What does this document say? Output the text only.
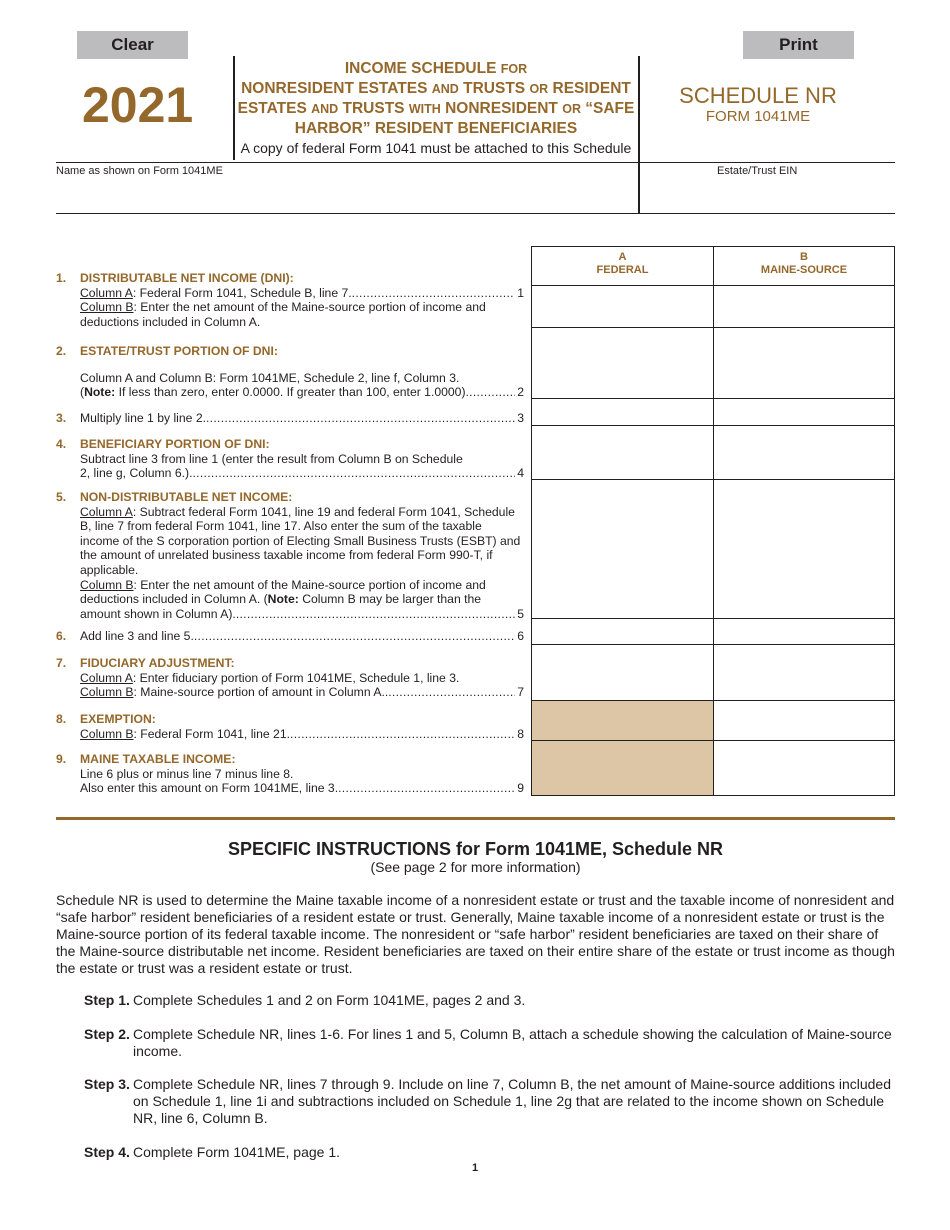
Clear	Print
2021
INCOME SCHEDULE FOR
NONRESIDENT ESTATES AND TRUSTS OR RESIDENT
ESTATES AND TRUSTS WITH NONRESIDENT OR “SAFE
HARBOR” RESIDENT BENEFICIARIES
A copy of federal Form 1041 must be attached to this Schedule
SCHEDULE NR
FORM 1041ME
Name as shown on Form 1041ME	Estate/Trust EIN
A
FEDERAL
B
MAINE-SOURCE
1. DISTRIBUTABLE NET INCOME (DNI):
Column A: Federal Form 1041, Schedule B, line 7. .....	1
Column B: Enter the net amount of the Maine-source portion of income and deductions included in Column A.
2. ESTATE/TRUST PORTION OF DNI:
Column A and Column B: Form 1041ME, Schedule 2, line f, Column 3.
(Note: If less than zero, enter 0.0000. If greater than 100, enter 1.0000) .....	2
3. Multiply line 1 by line 2. .....	3
4. BENEFICIARY PORTION OF DNI:
Subtract line 3 from line 1 (enter the result from Column B on Schedule
2, line g, Column 6.). .....	4
5. NON-DISTRIBUTABLE NET INCOME:
Column A: Subtract federal Form 1041, line 19 and federal Form 1041, Schedule B, line 7 from federal Form 1041, line 17. Also enter the sum of the taxable income of the S corporation portion of Electing Small Business Trusts (ESBT) and the amount of unrelated business taxable income from federal Form 990-T, if applicable.
Column B: Enter the net amount of the Maine-source portion of income and deductions included in Column A. (Note: Column B may be larger than the
amount shown in Column A). .....	5
6. Add line 3 and line 5. .....	6
7. FIDUCIARY ADJUSTMENT:
Column A: Enter fiduciary portion of Form 1041ME, Schedule 1, line 3.
Column B: Maine-source portion of amount in Column A.. .....	7
8. EXEMPTION:
Column B: Federal Form 1041, line 21. .....	8
9. MAINE TAXABLE INCOME:
Line 6 plus or minus line 7 minus line 8.
Also enter this amount on Form 1041ME, line 3. .....	9
SPECIFIC INSTRUCTIONS for Form 1041ME, Schedule NR
(See page 2 for more information)
Schedule NR is used to determine the Maine taxable income of a nonresident estate or trust and the taxable income of nonresident and “safe harbor” resident beneficiaries of a resident estate or trust. Generally, Maine taxable income of a nonresident estate or trust is the Maine-source portion of its federal taxable income. The nonresident or “safe harbor” resident beneficiaries are taxed on their share of the Maine-source distributable net income. Resident beneficiaries are taxed on their entire share of the estate or trust income as though the estate or trust was a resident estate or trust.
Step 1. Complete Schedules 1 and 2 on Form 1041ME, pages 2 and 3.
Step 2. Complete Schedule NR, lines 1-6. For lines 1 and 5, Column B, attach a schedule showing the calculation of Maine-source income.
Step 3. Complete Schedule NR, lines 7 through 9. Include on line 7, Column B, the net amount of Maine-source additions included on Schedule 1, line 1i and subtractions included on Schedule 1, line 2g that are related to the income shown on Schedule NR, line 6, Column B.
Step 4. Complete Form 1041ME, page 1.
1
